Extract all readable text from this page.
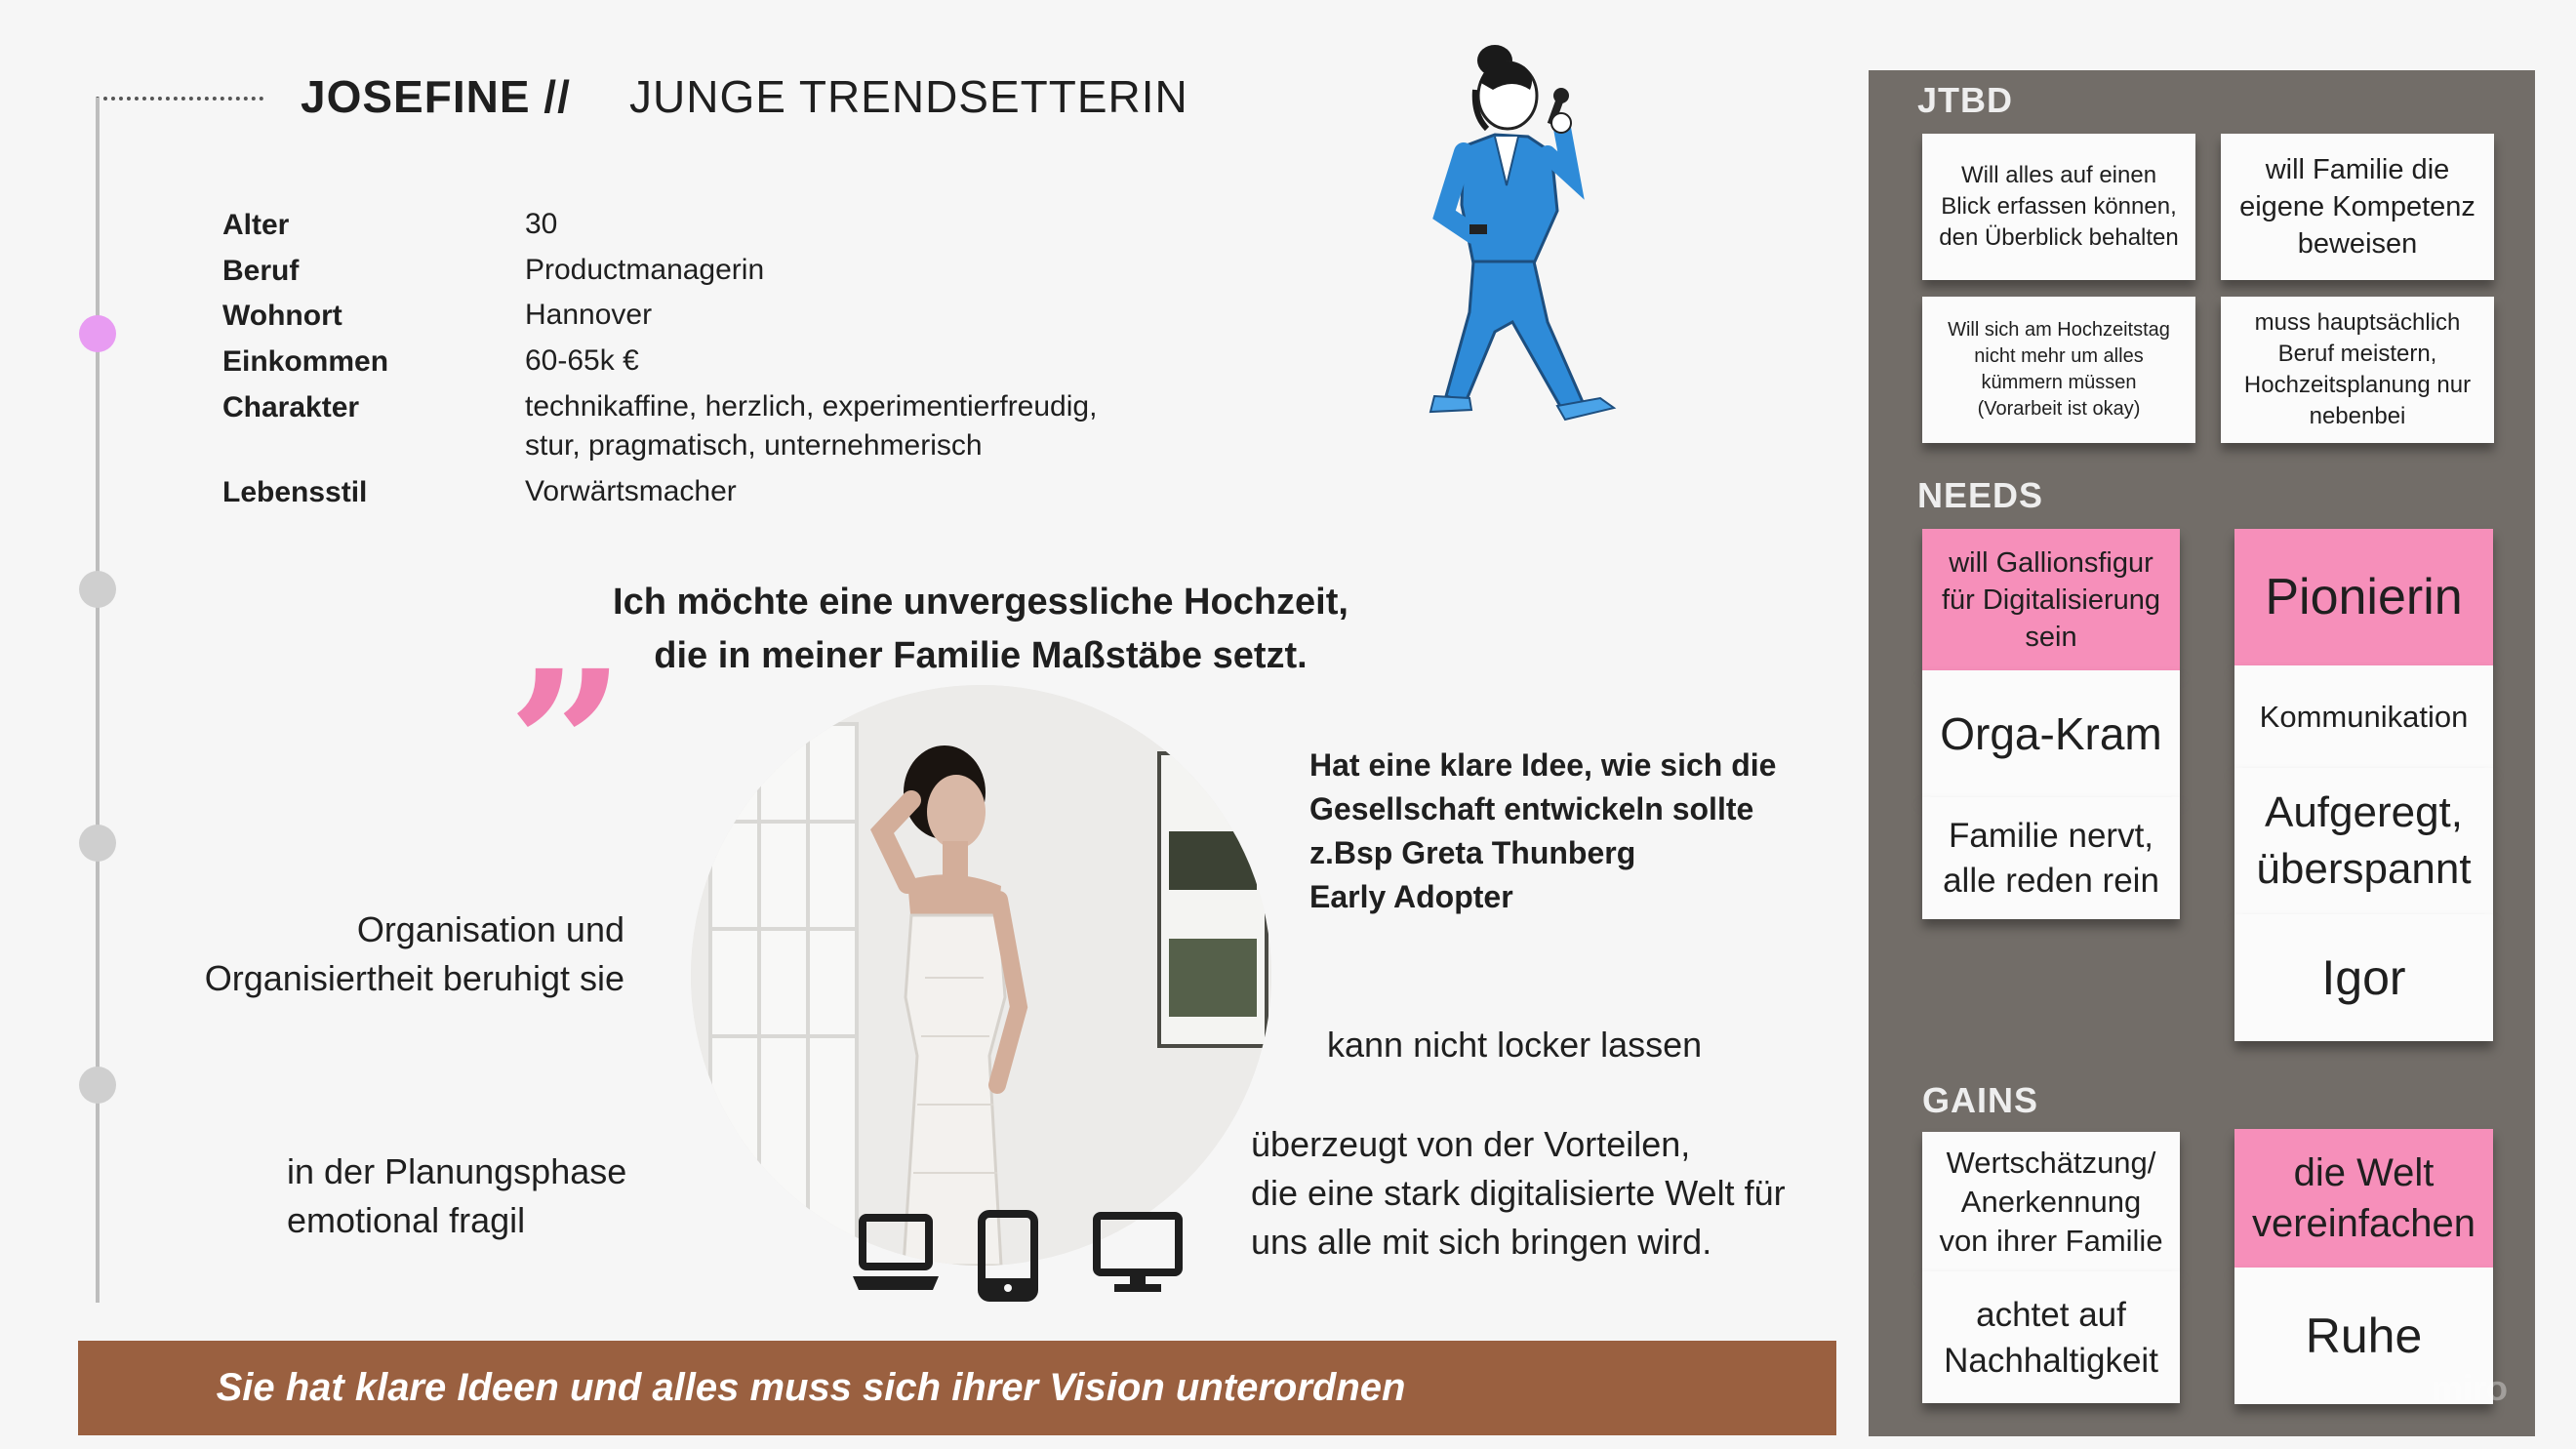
JOSEFINE // JUNGE TRENDSETTERIN
Alter	30
Beruf	Productmanagerin
Wohnort	Hannover
Einkommen	60-65k €
Charakter	technikaffine, herzlich, experimentierfreudig,
stur, pragmatisch, unternehmerisch
Lebensstil	Vorwärtsmacher
Ich möchte eine unvergessliche Hochzeit,
die in meiner Familie Maßstäbe setzt.
”
Organisation und
Organisiertheit beruhigt sie
in der Planungsphase
emotional fragil
Hat eine klare Idee, wie sich die
Gesellschaft entwickeln sollte
z.Bsp Greta Thunberg
Early Adopter
kann nicht locker lassen
überzeugt von der Vorteilen,
die eine stark digitalisierte Welt für
uns alle mit sich bringen wird.
Sie hat klare Ideen und alles muss sich ihrer Vision unterordnen
JTBD
Will alles auf einen
Blick erfassen können,
den Überblick behalten
will Familie die
eigene Kompetenz
beweisen
Will sich am Hochzeitstag
nicht mehr um alles
kümmern müssen
(Vorarbeit ist okay)
muss hauptsächlich
Beruf meistern,
Hochzeitsplanung nur
nebenbei
NEEDS
will Gallionsfigur
für Digitalisierung
sein
Orga-Kram
Familie nervt,
alle reden rein
Pionierin
Kommunikation
Aufgeregt,
überspannt
Igor
GAINS
Wertschätzung/
Anerkennung
von ihrer Familie
achtet auf
Nachhaltigkeit
die Welt
vereinfachen
Ruhe
miro
